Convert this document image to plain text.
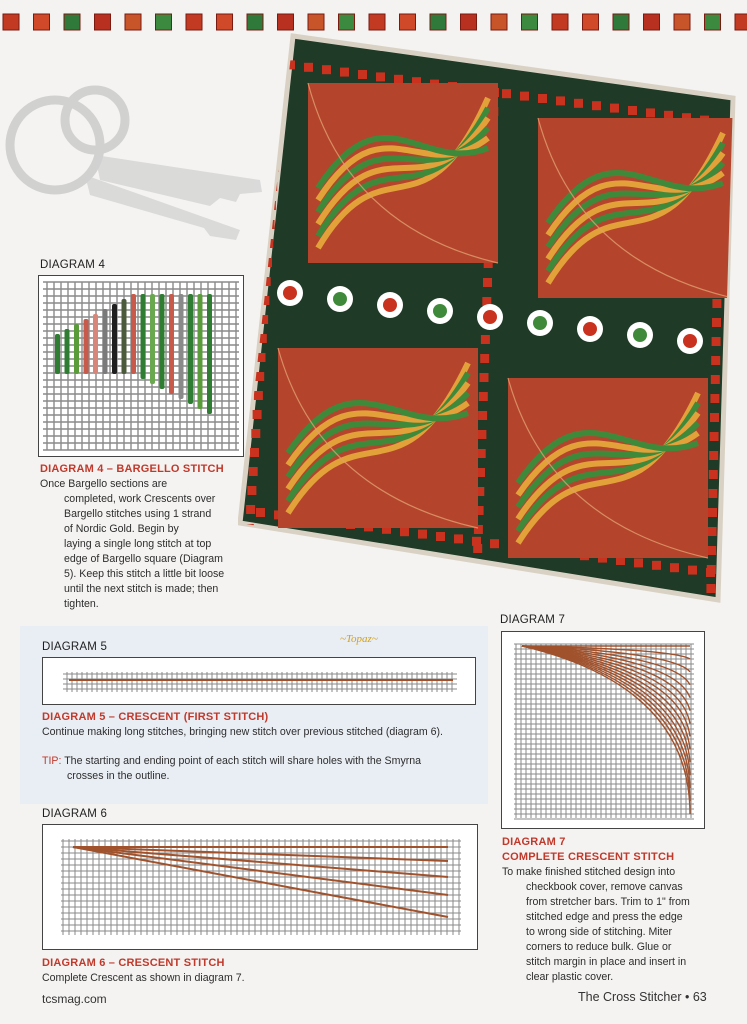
DIAGRAM 4
DIAGRAM 4 – BARGELLO STITCH
Once Bargello sections are
completed, work Crescents over
Bargello stitches using 1 strand
of Nordic Gold. Begin by
laying a single long stitch at top
edge of Bargello square (Diagram
5). Keep this stitch a little bit loose
until the next stitch is made; then
tighten.
~Topaz~
DIAGRAM 5
DIAGRAM 5 – CRESCENT (FIRST STITCH)
Continue making long stitches, bringing new stitch over previous stitched (diagram 6).
TIP: The starting and ending point of each stitch will share holes with the Smyrna
crosses in the outline.
DIAGRAM 6
DIAGRAM 6 – CRESCENT STITCH
Complete Crescent as shown in diagram 7.
DIAGRAM 7
DIAGRAM 7
COMPLETE CRESCENT STITCH
To make finished stitched design into
checkbook cover, remove canvas
from stretcher bars. Trim to 1" from
stitched edge and press the edge
to wrong side of stitching. Miter
corners to reduce bulk. Glue or
stitch margin in place and insert in
clear plastic cover.
tcsmag.com	The Cross Stitcher • 63
